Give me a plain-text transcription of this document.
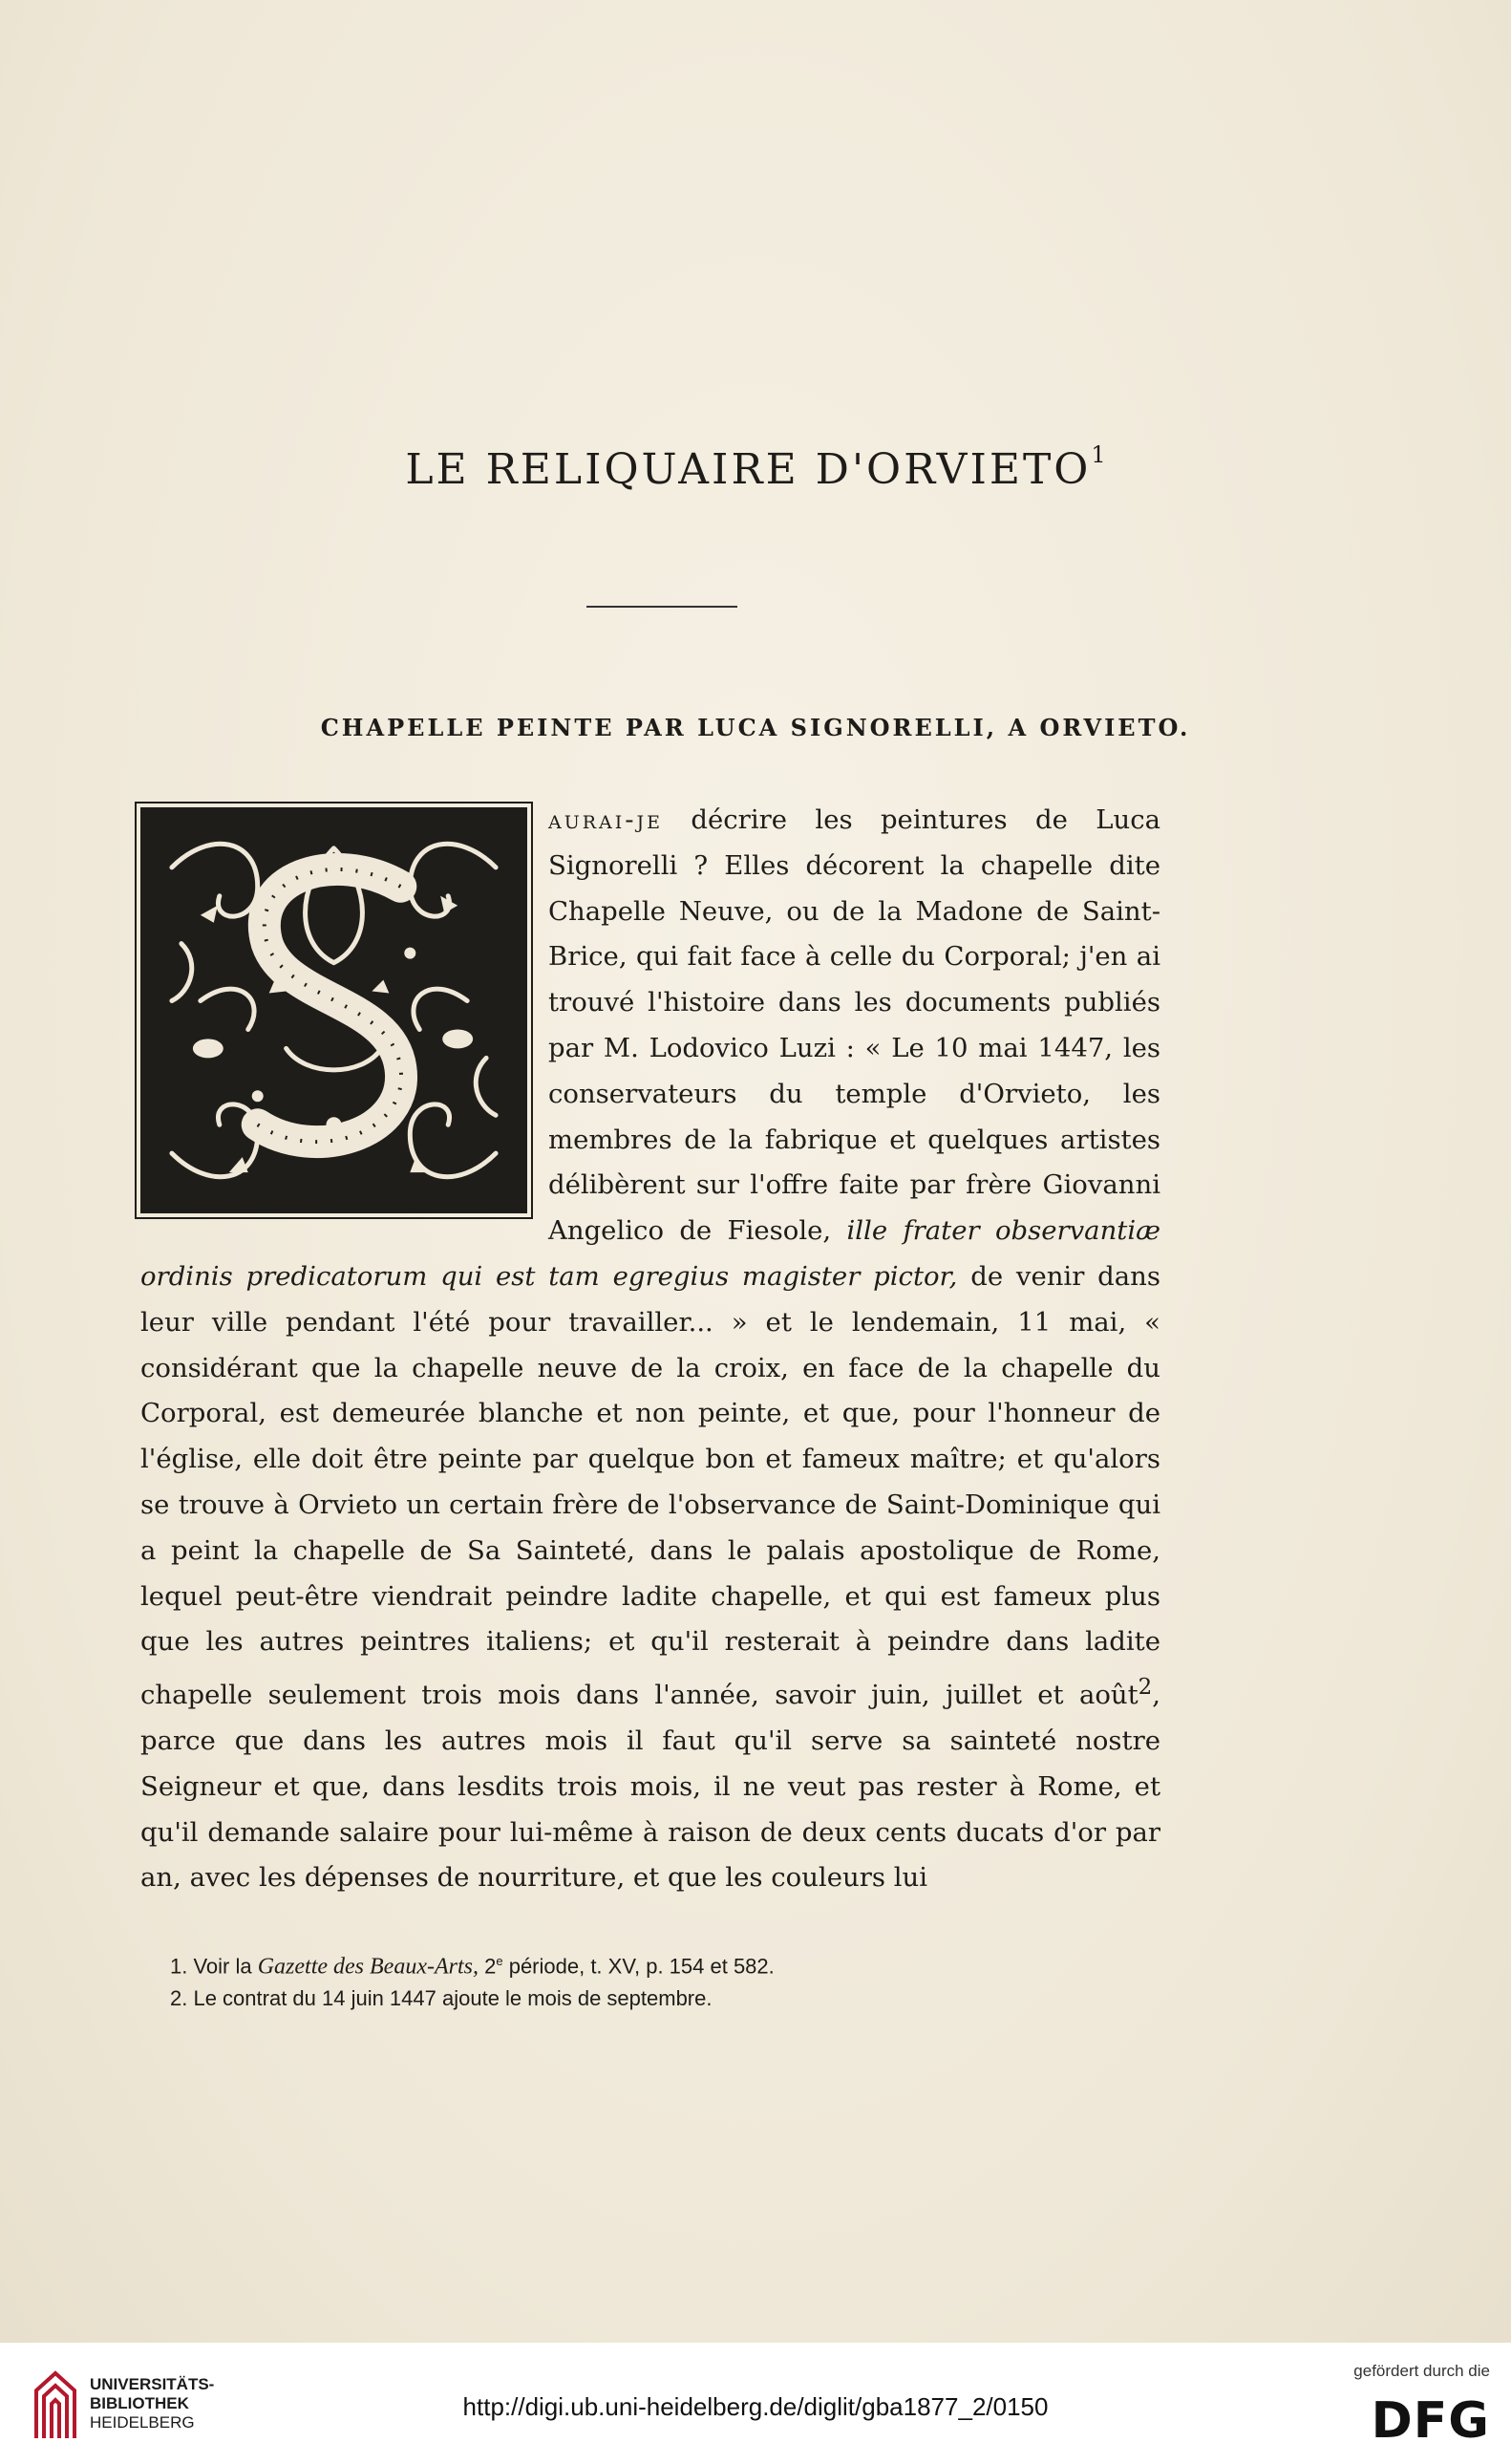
LE RELIQUAIRE D'ORVIETO$^1$
CHAPELLE PEINTE PAR LUCA SIGNORELLI, A ORVIETO.
aurai-je décrire les peintures de Luca Signorelli ? Elles décorent la chapelle dite Chapelle Neuve, ou de la Madone de Saint-Brice, qui fait face à celle du Corporal; j'en ai trouvé l'histoire dans les documents publiés par M. Lodovico Luzi : « Le 10 mai 1447, les conservateurs du temple d'Orvieto, les membres de la fabrique et quelques artistes délibèrent sur l'offre faite par frère Giovanni Angelico de Fiesole, ille frater observantiæ ordinis predicatorum qui est tam egregius magister pictor, de venir dans leur ville pendant l'été pour travailler... » et le lendemain, 11 mai, « considérant que la chapelle neuve de la croix, en face de la chapelle du Corporal, est demeurée blanche et non peinte, et que, pour l'honneur de l'église, elle doit être peinte par quelque bon et fameux maître; et qu'alors se trouve à Orvieto un certain frère de l'observance de Saint-Dominique qui a peint la chapelle de Sa Sainteté, dans le palais apostolique de Rome, lequel peut-être viendrait peindre ladite chapelle, et qui est fameux plus que les autres peintres italiens; et qu'il resterait à peindre dans ladite chapelle seulement trois mois dans l'année, savoir juin, juillet et août$^2$, parce que dans les autres mois il faut qu'il serve sa sainteté nostre Seigneur et que, dans lesdits trois mois, il ne veut pas rester à Rome, et qu'il demande salaire pour lui-même à raison de deux cents ducats d'or par an, avec les dépenses de nourriture, et que les couleurs lui

1. Voir la Gazette des Beaux-Arts, 2e période, t. XV, p. 154 et 582.

2. Le contrat du 14 juin 1447 ajoute le mois de septembre.

UNIVERSITÄTS-
BIBLIOTHEK
HEIDELBERG
http://digi.ub.uni-heidelberg.de/diglit/gba1877_2/0150
gefördert durch die
DFG
